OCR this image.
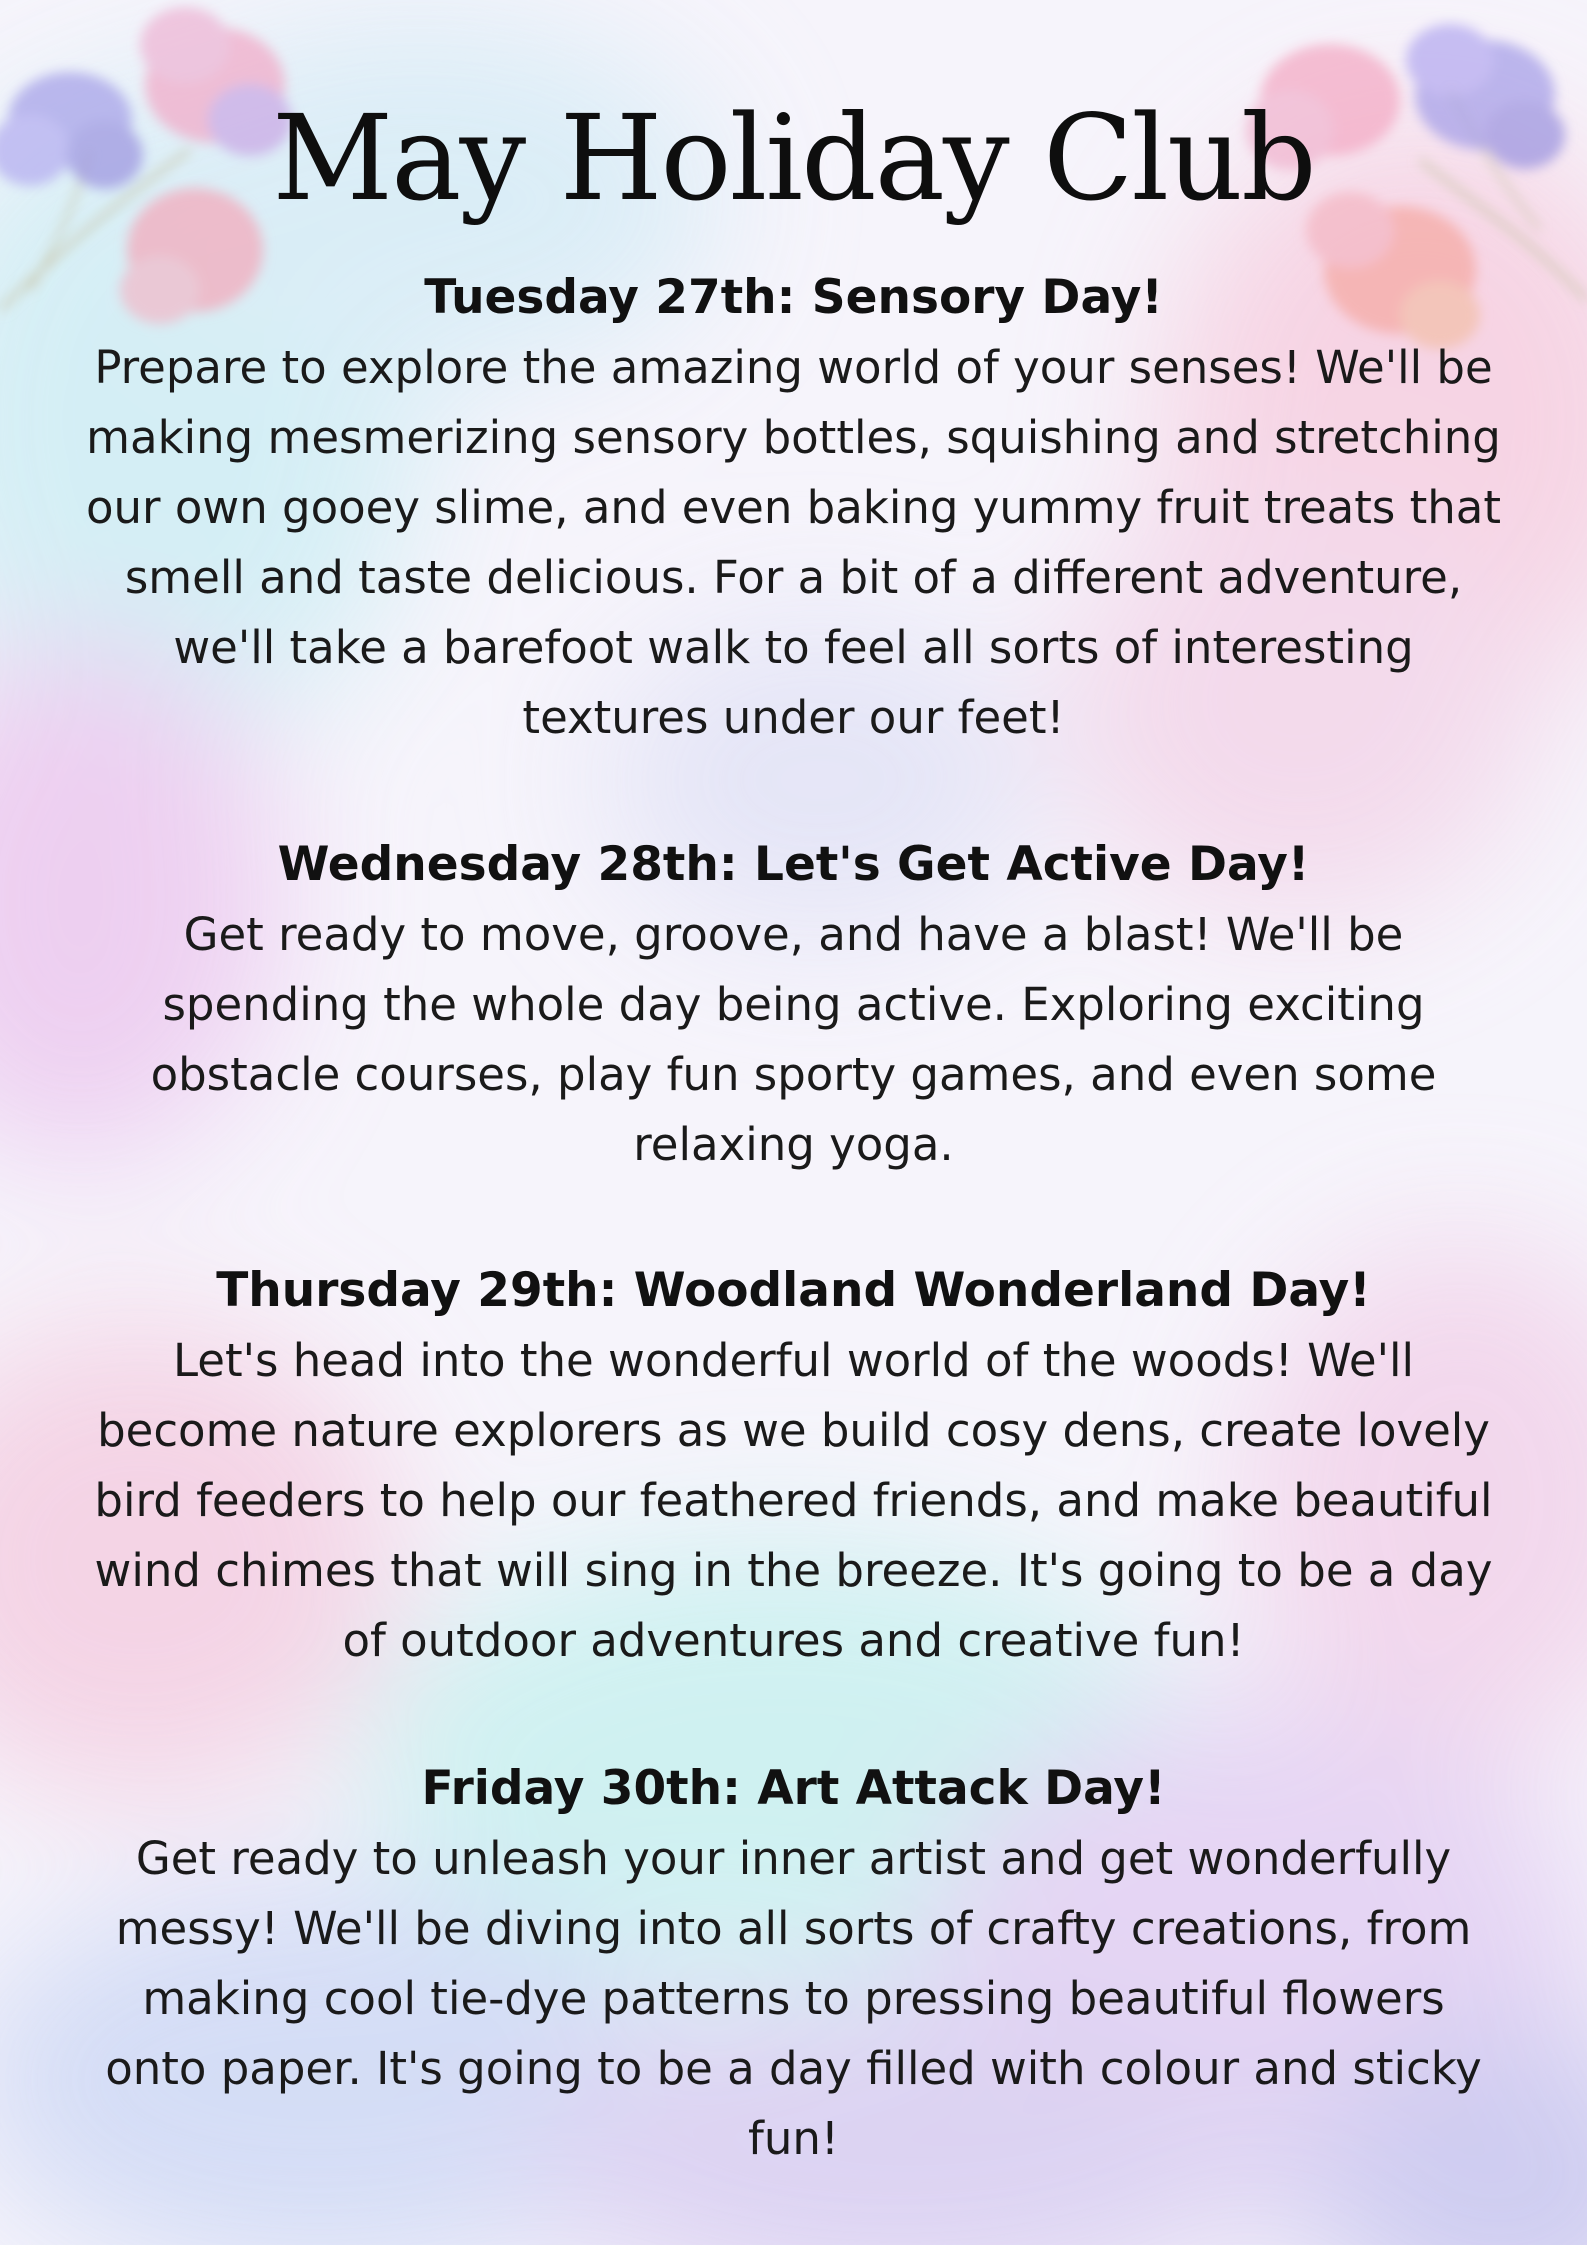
May Holiday Club
Tuesday 27th: Sensory Day!

Prepare to explore the amazing world of your senses! We'll be
making mesmerizing sensory bottles, squishing and stretching
our own gooey slime, and even baking yummy fruit treats that
smell and taste delicious. For a bit of a different adventure,
we'll take a barefoot walk to feel all sorts of interesting
textures under our feet!

Wednesday 28th: Let's Get Active Day!

Get ready to move, groove, and have a blast! We'll be
spending the whole day being active. Exploring exciting
obstacle courses, play fun sporty games, and even some
relaxing yoga.

Thursday 29th: Woodland Wonderland Day!

Let's head into the wonderful world of the woods! We'll
become nature explorers as we build cosy dens, create lovely
bird feeders to help our feathered friends, and make beautiful
wind chimes that will sing in the breeze. It's going to be a day
of outdoor adventures and creative fun!

Friday 30th: Art Attack Day!

Get ready to unleash your inner artist and get wonderfully
messy! We'll be diving into all sorts of crafty creations, from
making cool tie-dye patterns to pressing beautiful flowers
onto paper. It's going to be a day filled with colour and sticky
fun!
